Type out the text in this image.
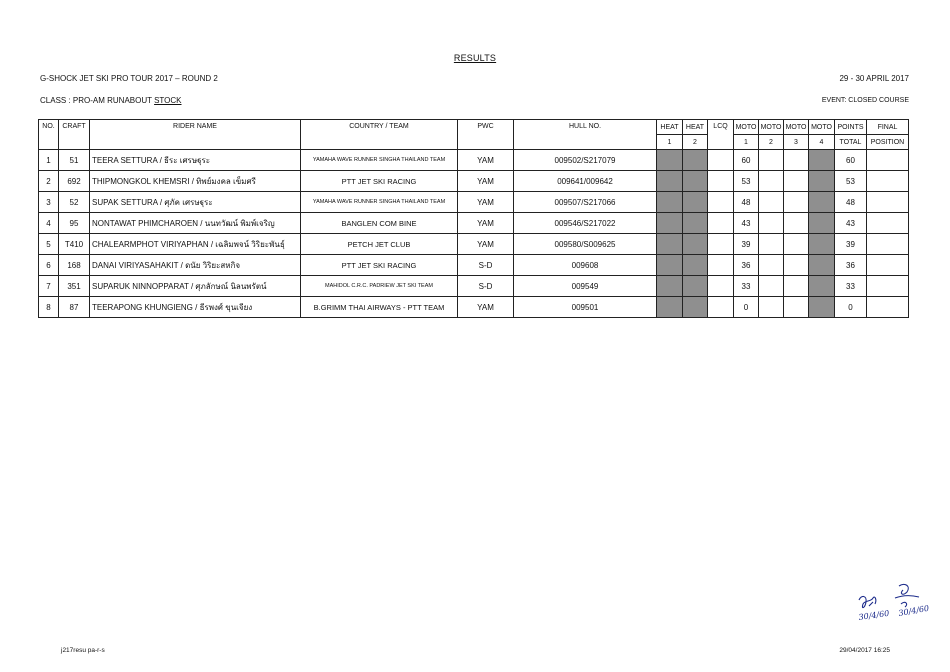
RESULTS
G-SHOCK JET SKI PRO TOUR 2017 – ROUND 2	29 - 30 APRIL 2017
CLASS : PRO-AM RUNABOUT STOCK	EVENT: CLOSED COURSE
NO.	CRAFT	RIDER NAME	COUNTRY / TEAM	PWC	HULL NO.	HEAT	HEAT	LCQ	MOTO	MOTO	MOTO	MOTO	POINTS	FINAL
						1	2		1	2	3	4	TOTAL	POSITION
1	51	TEERA SETTURA / ธีระ เศรษฐุระ	YAMAHA WAVE RUNNER SINGHA THAILAND TEAM	YAM	009502/S217079				60				60	
2	692	THIPMONGKOL KHEMSRI / ทิพย์มงคล เข็มศรี	PTT JET SKI RACING	YAM	009641/009642				53				53	
3	52	SUPAK SETTURA / ศุภัค เศรษฐุระ	YAMAHA WAVE RUNNER SINGHA THAILAND TEAM	YAM	009507/S217066				48				48	
4	95	NONTAWAT PHIMCHAROEN / นนทวัฒน์ พิมพ์เจริญ	BANGLEN COM BINE	YAM	009546/S217022				43				43	
5	T410	CHALEARMPHOT VIRIYAPHAN / เฉลิมพจน์ วิริยะพันธุ์	PETCH JET CLUB	YAM	009580/S009625				39				39	
6	168	DANAI VIRIYASAHAKIT / ดนัย วิริยะสหกิจ	PTT JET SKI RACING	S-D	009608				36				36	
7	351	SUPARUK NINNOPPARAT / ศุภลักษณ์ นิลนพรัตน์	MAHIDOL C.R.C. PADRIEW JET SKI TEAM	S-D	009549				33				33	
8	87	TEERAPONG KHUNGIENG / ธีรพงศ์ ขุนเจียง	B.GRIMM THAI AIRWAYS - PTT TEAM	YAM	009501				0				0	
30/4/60 30/4/60
j217resu pa-r-s	29/04/2017 16:25
